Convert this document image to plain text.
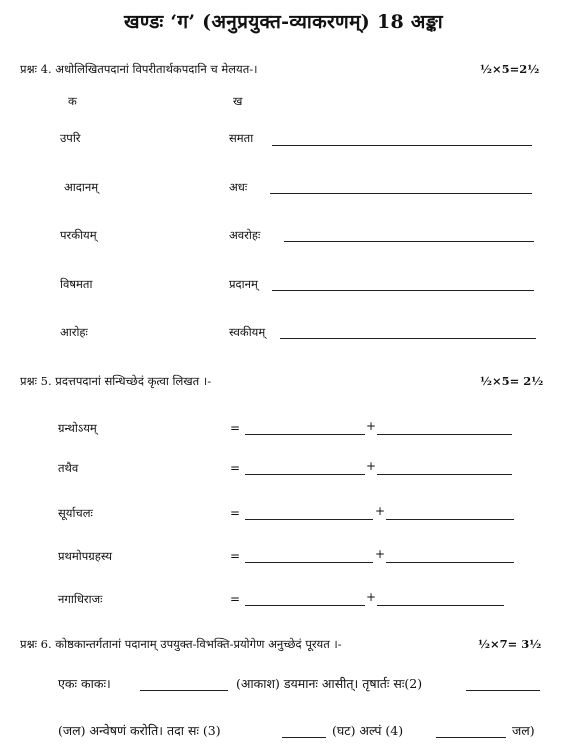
खण्डः ‘ग’ (अनुप्रयुक्त-व्याकरणम्) 18 अङ्का
प्रश्नः 4. अधोलिखितपदानां विपरीतार्थकपदानि च मेलयत-।	½×5=2½
क	ख
उपरि	समता
आदानम्	अधः
परकीयम्	अवरोहः
विषमता	प्रदानम्
आरोहः	स्वकीयम्
प्रश्नः 5. प्रदत्तपदानां सन्धिच्छेदं कृत्वा लिखत ।-	½×5= 2½
ग्रन्थोऽयम्	=	+
तथैव	=	+
सूर्याचलः	=	+
प्रथमोपग्रहस्य	=	+
नगाधिराजः	=	+
प्रश्नः 6. कोष्ठकान्तर्गतानां पदानाम् उपयुक्त-विभक्ति-प्रयोगेण अनुच्छेदं पूरयत ।-	½×7= 3½
एकः काकः।	(आकाश) डयमानः आसीत्। तृषार्तः सः(2)
(जल) अन्वेषणं करोति। तदा सः (3)	(घट) अल्पं (4)	जल)
